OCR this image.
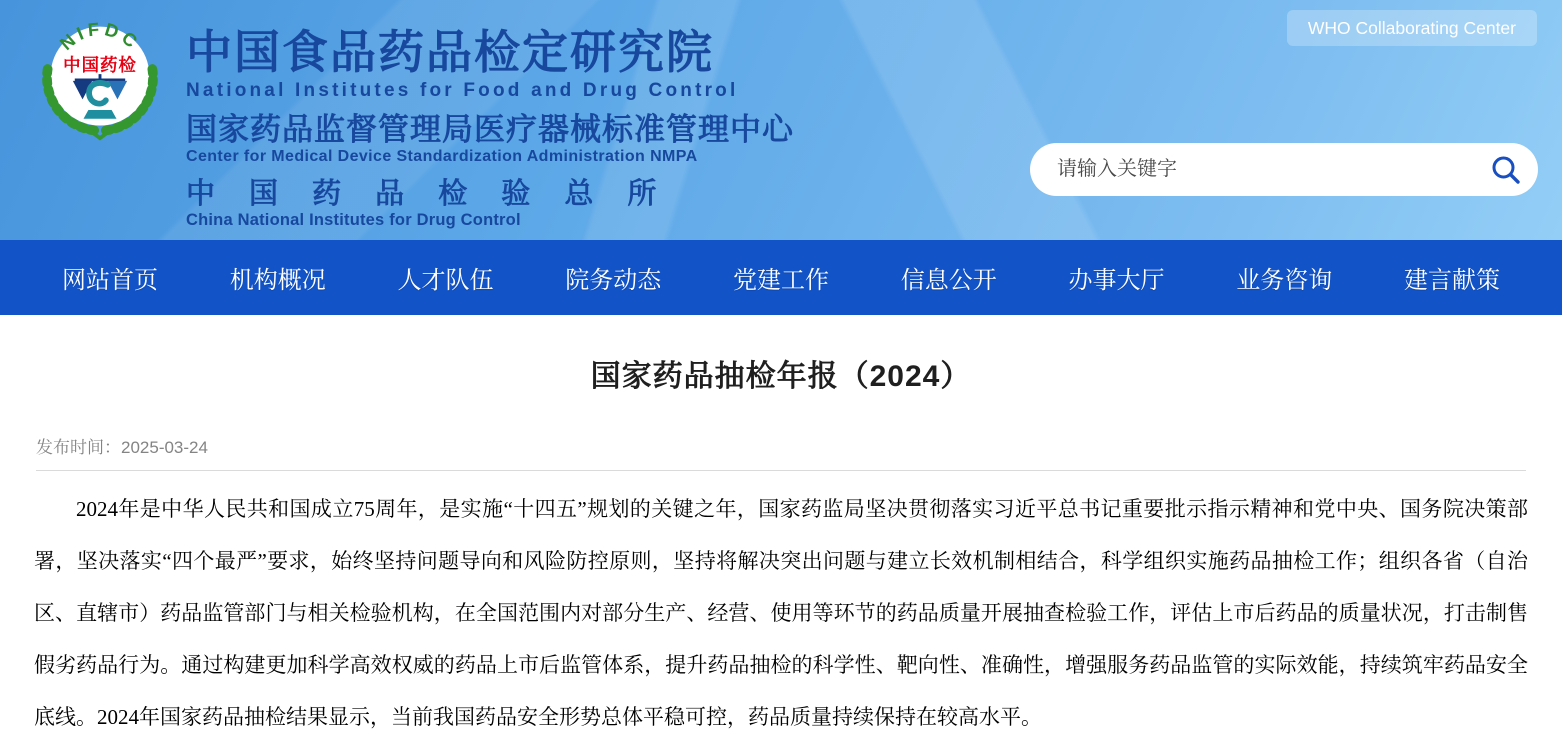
NIFDC
中国药检 中国食品药品检定研究院
National Institutes for Food and Drug Control
国家药品监督管理局医疗器械标准管理中心
Center for Medical Device Standardization Administration NMPA
中 国 药 品 检 验 总 所
China National Institutes for Drug Control
WHO Collaborating Center
请输入关键字
网站首页	机构概况	人才队伍	院务动态	党建工作	信息公开	办事大厅	业务咨询	建言献策
国家药品抽检年报（2024）
发布时间：2025-03-24

2024年是中华人民共和国成立75周年，是实施“十四五”规划的关键之年，国家药监局坚决贯彻落实习近平总书记重要批示指示精神和党中央、国务院决策部署，坚决落实“四个最严”要求，始终坚持问题导向和风险防控原则，坚持将解决突出问题与建立长效机制相结合，科学组织实施药品抽检工作；组织各省（自治区、直辖市）药品监管部门与相关检验机构，在全国范围内对部分生产、经营、使用等环节的药品质量开展抽查检验工作，评估上市后药品的质量状况，打击制售假劣药品行为。通过构建更加科学高效权威的药品上市后监管体系，提升药品抽检的科学性、靶向性、准确性，增强服务药品监管的实际效能，持续筑牢药品安全底线。2024年国家药品抽检结果显示，当前我国药品安全形势总体平稳可控，药品质量持续保持在较高水平。
